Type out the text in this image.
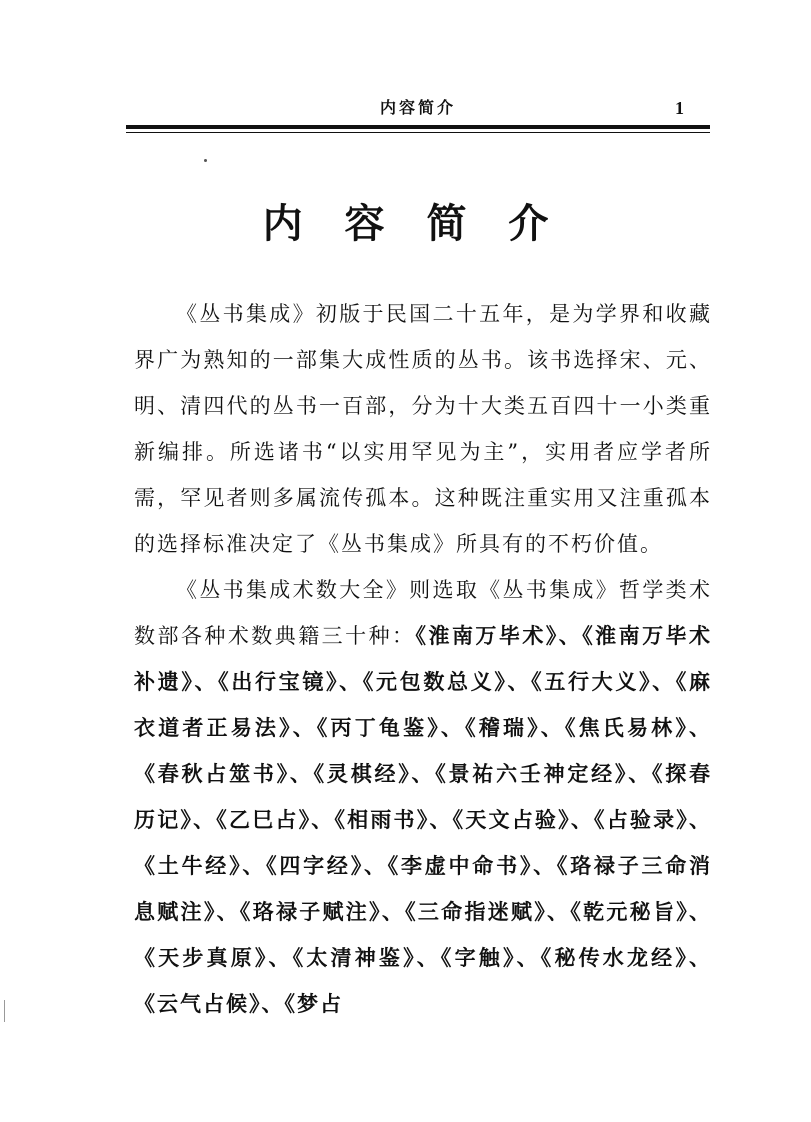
内容简介	1
内 容 简 介

《丛书集成》初版于民国二十五年，是为学界和收藏界广为熟知的一部集大成性质的丛书。该书选择宋、元、明、清四代的丛书一百部，分为十大类五百四十一小类重新编排。所选诸书“以实用罕见为主”，实用者应学者所需，罕见者则多属流传孤本。这种既注重实用又注重孤本的选择标准决定了《丛书集成》所具有的不朽价值。

《丛书集成术数大全》则选取《丛书集成》哲学类术数部各种术数典籍三十种：《淮南万毕术》、《淮南万毕术补遗》、《出行宝镜》、《元包数总义》、《五行大义》、《麻衣道者正易法》、《丙丁龟鉴》、《稽瑞》、《焦氏易林》、《春秋占筮书》、《灵棋经》、《景祐六壬神定经》、《探春历记》、《乙巳占》、《相雨书》、《天文占验》、《占验录》、《土牛经》、《四字经》、《李虚中命书》、《珞禄子三命消息赋注》、《珞禄子赋注》、《三命指迷赋》、《乾元秘旨》、《天步真原》、《太清神鉴》、《字触》、《秘传水龙经》、《云气占候》、《梦占
